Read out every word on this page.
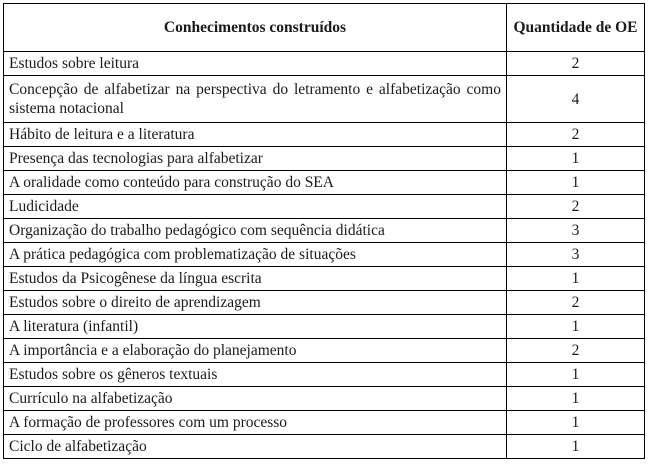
Conhecimentos construídos	Quantidade de OE
Estudos sobre leitura	2
Concepção de alfabetizar na perspectiva do letramento e alfabetização como sistema notacional	4
Hábito de leitura e a literatura	2
Presença das tecnologias para alfabetizar	1
A oralidade como conteúdo para construção do SEA	1
Ludicidade	2
Organização do trabalho pedagógico com sequência didática	3
A prática pedagógica com problematização de situações	3
Estudos da Psicogênese da língua escrita	1
Estudos sobre o direito de aprendizagem	2
A literatura (infantil)	1
A importância e a elaboração do planejamento	2
Estudos sobre os gêneros textuais	1
Currículo na alfabetização	1
A formação de professores com um processo	1
Ciclo de alfabetização	1
